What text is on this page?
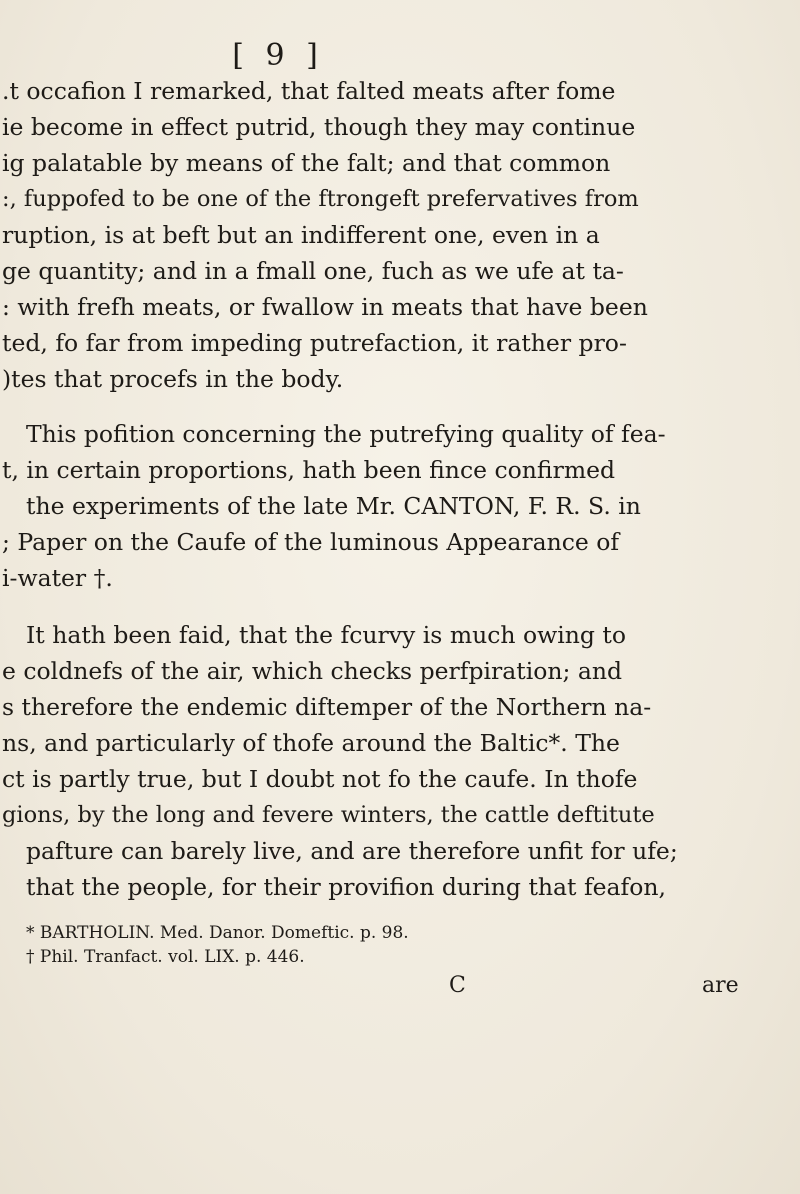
[ 9 ]
.t occafion I remarked, that falted meats after fome
ie become in effect putrid, though they may continue
ig palatable by means of the falt; and that common
:, fuppofed to be one of the ftrongeft prefervatives from
ruption, is at beft but an indifferent one, even in a
ge quantity; and in a fmall one, fuch as we ufe at ta-
: with frefh meats, or fwallow in meats that have been
ted, fo far from impeding putrefaction, it rather pro-
)tes that procefs in the body.
This pofition concerning the putrefying quality of fea-
t, in certain proportions, hath been fince confirmed
the experiments of the late Mr. CANTON, F. R. S. in
; Paper on the Caufe of the luminous Appearance of
i-water †.
It hath been faid, that the fcurvy is much owing to
e coldnefs of the air, which checks perfpiration; and
s therefore the endemic diftemper of the Northern na-
ns, and particularly of thofe around the Baltic*. The
ct is partly true, but I doubt not fo the caufe. In thofe
gions, by the long and fevere winters, the cattle deftitute
pafture can barely live, and are therefore unfit for ufe;
that the people, for their provifion during that feafon,
* BARTHOLIN. Med. Danor. Domeftic. p. 98.
† Phil. Tranfact. vol. LIX. p. 446.
C	are
